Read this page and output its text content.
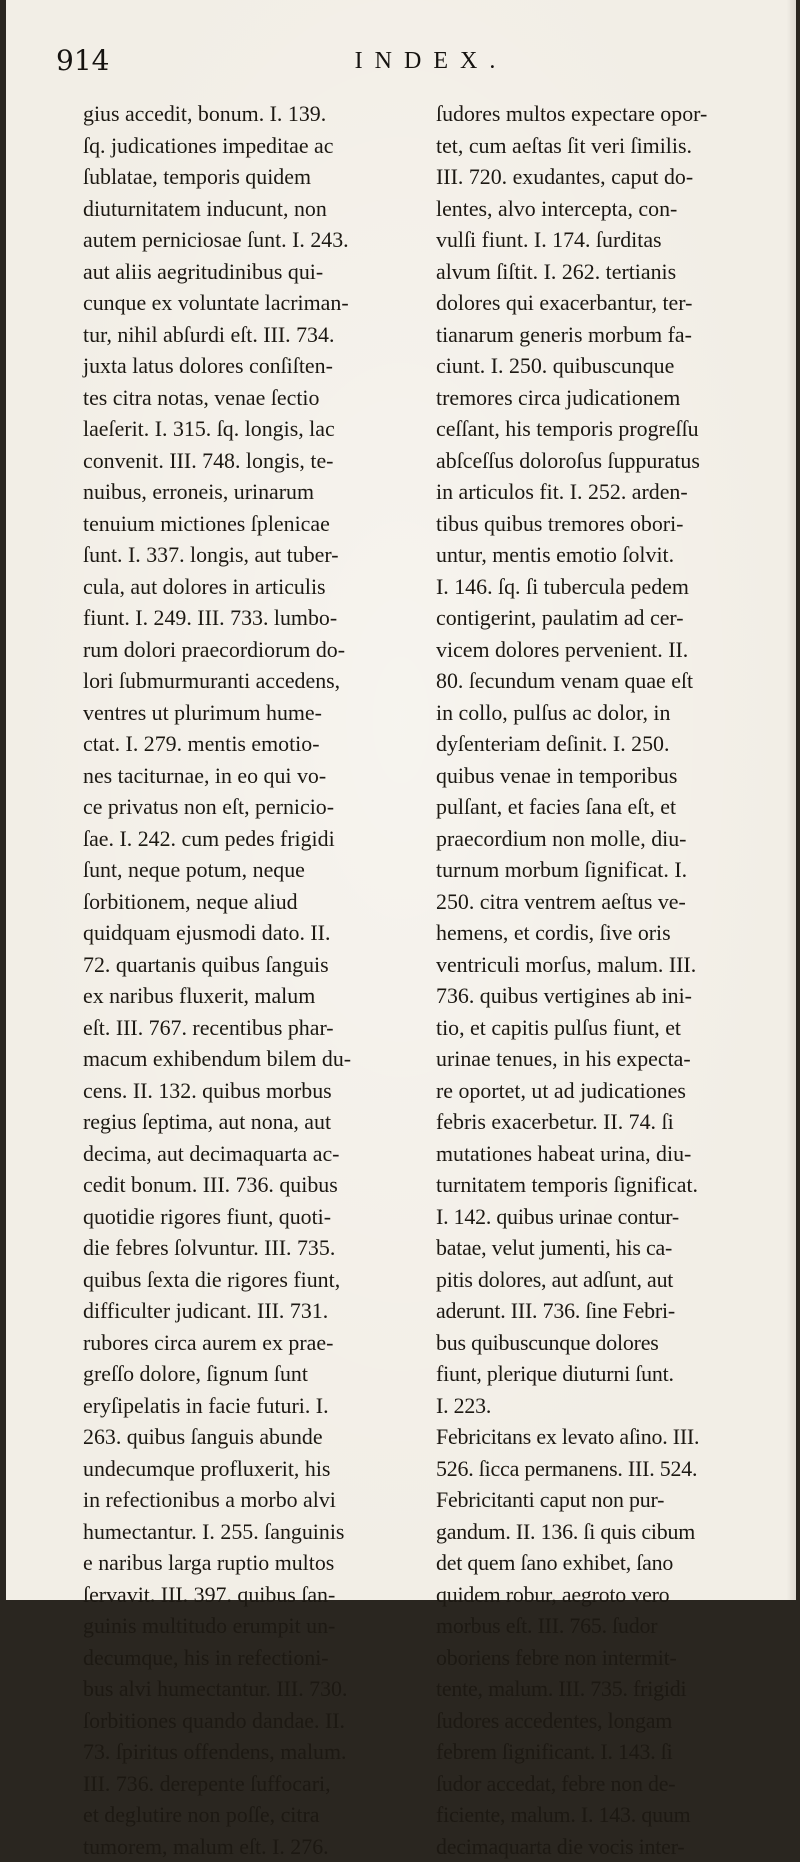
914	INDEX.
gius accedit, bonum. I. 139.
ſq. judicationes impeditae ac
ſublatae, temporis quidem
diuturnitatem inducunt, non
autem perniciosae ſunt. I. 243.
aut aliis aegritudinibus qui-
cunque ex voluntate lacriman-
tur, nihil abſurdi eſt. III. 734.
juxta latus dolores conſiſten-
tes citra notas, venae ſectio
laeſerit. I. 315. ſq. longis, lac
convenit. III. 748. longis, te-
nuibus, erroneis, urinarum
tenuium mictiones ſplenicae
ſunt. I. 337. longis, aut tuber-
cula, aut dolores in articulis
fiunt. I. 249. III. 733. lumbo-
rum dolori praecordiorum do-
lori ſubmurmuranti accedens,
ventres ut plurimum hume-
ctat. I. 279. mentis emotio-
nes taciturnae, in eo qui vo-
ce privatus non eſt, pernicio-
ſae. I. 242. cum pedes frigidi
ſunt, neque potum, neque
ſorbitionem, neque aliud
quidquam ejusmodi dato. II.
72. quartanis quibus ſanguis
ex naribus fluxerit, malum
eſt. III. 767. recentibus phar-
macum exhibendum bilem du-
cens. II. 132. quibus morbus
regius ſeptima, aut nona, aut
decima, aut decimaquarta ac-
cedit bonum. III. 736. quibus
quotidie rigores fiunt, quoti-
die febres ſolvuntur. III. 735.
quibus ſexta die rigores fiunt,
difficulter judicant. III. 731.
rubores circa aurem ex prae-
greſſo dolore, ſignum ſunt
eryſipelatis in facie futuri. I.
263. quibus ſanguis abunde
undecumque profluxerit, his
in refectionibus a morbo alvi
humectantur. I. 255. ſanguinis
e naribus larga ruptio multos
ſervavit. III. 397. quibus ſan-
guinis multitudo erumpit un-
decumque, his in refectioni-
bus alvi humectantur. III. 730.
ſorbitiones quando dandae. II.
73. ſpiritus offendens, malum.
III. 736. derepente ſuffocari,
et deglutire non poſſe, citra
tumorem, malum eſt. I. 276.
ſudores multos expectare opor-
tet, cum aeſtas ſit veri ſimilis.
III. 720. exudantes, caput do-
lentes, alvo intercepta, con-
vulſi fiunt. I. 174. ſurditas
alvum ſiſtit. I. 262. tertianis
dolores qui exacerbantur, ter-
tianarum generis morbum fa-
ciunt. I. 250. quibuscunque
tremores circa judicationem
ceſſant, his temporis progreſſu
abſceſſus doloroſus ſuppuratus
in articulos fit. I. 252. arden-
tibus quibus tremores obori-
untur, mentis emotio ſolvit.
I. 146. ſq. ſi tubercula pedem
contigerint, paulatim ad cer-
vicem dolores pervenient. II.
80. ſecundum venam quae eſt
in collo, pulſus ac dolor, in
dyſenteriam deſinit. I. 250.
quibus venae in temporibus
pulſant, et facies ſana eſt, et
praecordium non molle, diu-
turnum morbum ſignificat. I.
250. citra ventrem aeſtus ve-
hemens, et cordis, ſive oris
ventriculi morſus, malum. III.
736. quibus vertigines ab ini-
tio, et capitis pulſus fiunt, et
urinae tenues, in his expecta-
re oportet, ut ad judicationes
febris exacerbetur. II. 74. ſi
mutationes habeat urina, diu-
turnitatem temporis ſignificat.
I. 142. quibus urinae contur-
batae, velut jumenti, his ca-
pitis dolores, aut adſunt, aut
aderunt. III. 736. ſine Febri-
bus quibuscunque dolores
fiunt, plerique diuturni ſunt.
I. 223.
Febricitans ex levato aſino. III.
526. ſicca permanens. III. 524.
Febricitanti caput non pur-
gandum. II. 136. ſi quis cibum
det quem ſano exhibet, ſano
quidem robur, aegroto vero
morbus eſt. III. 765. ſudor
oboriens febre non intermit-
tente, malum. III. 735. frigidi
ſudores accedentes, longam
febrem ſignificant. I. 143. ſi
ſudor accedat, febre non de-
ficiente, malum. I. 143. quum
decimaquarta die vocis inter-
